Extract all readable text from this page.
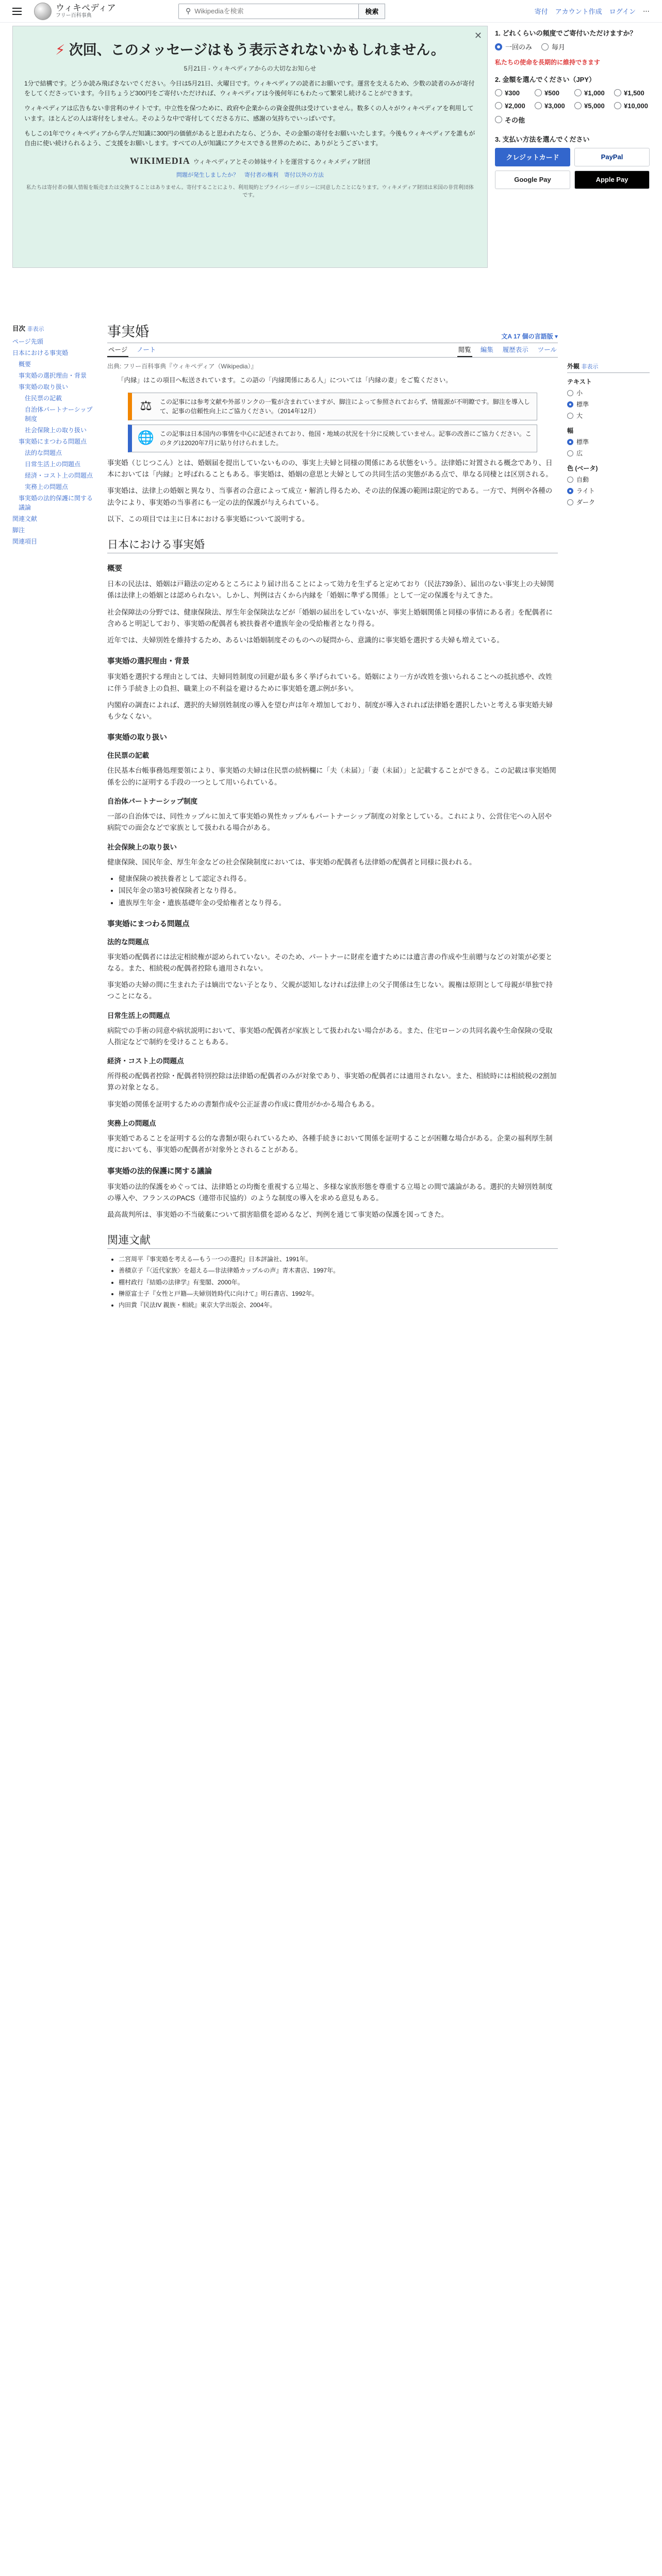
ウィキペディア
フリー百科事典
⚲
Wikipediaを検索	検索	寄付 アカウント作成 ログイン ⋯
✕
⚡ 次回、このメッセージはもう表示されないかもしれません。
5月21日 - ウィキペディアからの大切なお知らせ

1分で結構です。どうか読み飛ばさないでください。今日は5月21日、火曜日です。ウィキペディアの読者にお願いです。運営を支えるため、少数の読者のみが寄付をしてくださっています。今日ちょうど300円をご寄付いただければ、ウィキペディアは今後何年にもわたって繁栄し続けることができます。

ウィキペディアは広告もない非営利のサイトです。中立性を保つために、政府や企業からの資金提供は受けていません。数多くの人々がウィキペディアを利用しています。ほとんどの人は寄付をしません。そのような中で寄付してくださる方に、感謝の気持ちでいっぱいです。

もしこの1年でウィキペディアから学んだ知識に300円の価値があると思われたなら、どうか、その金額の寄付をお願いいたします。今後もウィキペディアを誰もが自由に使い続けられるよう、ご支援をお願いします。すべての人が知識にアクセスできる世界のために、ありがとうございます。

WIKIMEDIA ウィキペディアとその姉妹サイトを運営するウィキメディア財団
問題が発生しましたか？ 寄付者の権利 寄付以外の方法
私たちは寄付者の個人情報を販売または交換することはありません。寄付することにより、利用規約とプライバシーポリシーに同意したことになります。ウィキメディア財団は米国の非営利団体です。
1. どれくらいの頻度でご寄付いただけますか？
一回のみ	毎月
私たちの使命を長期的に維持できます
2. 金額を選んでください（JPY）
¥300	¥500	¥1,000	¥1,500
¥2,000	¥3,000	¥5,000	¥10,000
その他
3. 支払い方法を選んでください
クレジットカード	PayPal
Google Pay	Apple Pay
目次 非表示
ページ先頭
日本における事実婚
概要
事実婚の選択理由・背景
事実婚の取り扱い
住民票の記載
自治体パートナーシップ制度
社会保険上の取り扱い
事実婚にまつわる問題点
法的な問題点
日常生活上の問題点
経済・コスト上の問題点
実務上の問題点
事実婚の法的保護に関する議論
関連文献
脚注
関連項目
事実婚	文A 17 個の言語版 ▾
ページ ノート	閲覧 編集 履歴表示 ツール
出典: フリー百科事典『ウィキペディア（Wikipedia）』
「内縁」はこの項目へ転送されています。この語の「内縁関係にある人」については「内縁の妻」をご覧ください。
⚖	この記事には参考文献や外部リンクの一覧が含まれていますが、脚注によって参照されておらず、情報源が不明瞭です。脚注を導入して、記事の信頼性向上にご協力ください。（2014年12月）
🌐 この記事は日本国内の事情を中心に記述されており、他国・地域の状況を十分に反映していません。記事の改善にご協力ください。このタグは2020年7月に貼り付けられました。

事実婚（じじつこん）とは、婚姻届を提出していないものの、事実上夫婦と同様の関係にある状態をいう。法律婚に対置される概念であり、日本においては「内縁」と呼ばれることもある。事実婚は、婚姻の意思と夫婦としての共同生活の実態がある点で、単なる同棲とは区別される。

事実婚は、法律上の婚姻と異なり、当事者の合意によって成立・解消し得るため、その法的保護の範囲は限定的である。一方で、判例や各種の法令により、事実婚の当事者にも一定の法的保護が与えられている。

以下、この項目では主に日本における事実婚について説明する。

日本における事実婚
概要

日本の民法は、婚姻は戸籍法の定めるところにより届け出ることによって効力を生ずると定めており（民法739条）、届出のない事実上の夫婦関係は法律上の婚姻とは認められない。しかし、判例は古くから内縁を「婚姻に準ずる関係」として一定の保護を与えてきた。

社会保障法の分野では、健康保険法、厚生年金保険法などが「婚姻の届出をしていないが、事実上婚姻関係と同様の事情にある者」を配偶者に含めると明記しており、事実婚の配偶者も被扶養者や遺族年金の受給権者となり得る。

近年では、夫婦別姓を維持するため、あるいは婚姻制度そのものへの疑問から、意識的に事実婚を選択する夫婦も増えている。

事実婚の選択理由・背景

事実婚を選択する理由としては、夫婦同姓制度の回避が最も多く挙げられている。婚姻により一方が改姓を強いられることへの抵抗感や、改姓に伴う手続き上の負担、職業上の不利益を避けるために事実婚を選ぶ例が多い。

内閣府の調査によれば、選択的夫婦別姓制度の導入を望む声は年々増加しており、制度が導入されれば法律婚を選択したいと考える事実婚夫婦も少なくない。

事実婚の取り扱い
住民票の記載

住民基本台帳事務処理要領により、事実婚の夫婦は住民票の続柄欄に「夫（未届）」「妻（未届）」と記載することができる。この記載は事実婚関係を公的に証明する手段の一つとして用いられている。

自治体パートナーシップ制度

一部の自治体では、同性カップルに加えて事実婚の異性カップルもパートナーシップ制度の対象としている。これにより、公営住宅への入居や病院での面会などで家族として扱われる場合がある。

社会保険上の取り扱い

健康保険、国民年金、厚生年金などの社会保険制度においては、事実婚の配偶者も法律婚の配偶者と同様に扱われる。

• 健康保険の被扶養者として認定され得る。
• 国民年金の第3号被保険者となり得る。
• 遺族厚生年金・遺族基礎年金の受給権者となり得る。
事実婚にまつわる問題点
法的な問題点

事実婚の配偶者には法定相続権が認められていない。そのため、パートナーに財産を遺すためには遺言書の作成や生前贈与などの対策が必要となる。また、相続税の配偶者控除も適用されない。

事実婚の夫婦の間に生まれた子は嫡出でない子となり、父親が認知しなければ法律上の父子関係は生じない。親権は原則として母親が単独で持つことになる。

日常生活上の問題点

病院での手術の同意や病状説明において、事実婚の配偶者が家族として扱われない場合がある。また、住宅ローンの共同名義や生命保険の受取人指定などで制約を受けることもある。

経済・コスト上の問題点

所得税の配偶者控除・配偶者特別控除は法律婚の配偶者のみが対象であり、事実婚の配偶者には適用されない。また、相続時には相続税の2割加算の対象となる。

事実婚の関係を証明するための書類作成や公正証書の作成に費用がかかる場合もある。

実務上の問題点

事実婚であることを証明する公的な書類が限られているため、各種手続きにおいて関係を証明することが困難な場合がある。企業の福利厚生制度においても、事実婚の配偶者が対象外とされることがある。

事実婚の法的保護に関する議論

事実婚の法的保護をめぐっては、法律婚との均衡を重視する立場と、多様な家族形態を尊重する立場との間で議論がある。選択的夫婦別姓制度の導入や、フランスのPACS（連帯市民協約）のような制度の導入を求める意見もある。

最高裁判所は、事実婚の不当破棄について損害賠償を認めるなど、判例を通じて事実婚の保護を図ってきた。

関連文献
• 二宮周平『事実婚を考える―もう一つの選択』日本評論社、1991年。
• 善積京子『〈近代家族〉を超える―非法律婚カップルの声』青木書店、1997年。
• 棚村政行『結婚の法律学』有斐閣、2000年。
• 榊原富士子『女性と戸籍―夫婦別姓時代に向けて』明石書店、1992年。
• 内田貴『民法IV 親族・相続』東京大学出版会、2004年。
外観 非表示
テキスト
小
標準
大
幅
標準
広
色 (ベータ)
自動
ライト
ダーク
